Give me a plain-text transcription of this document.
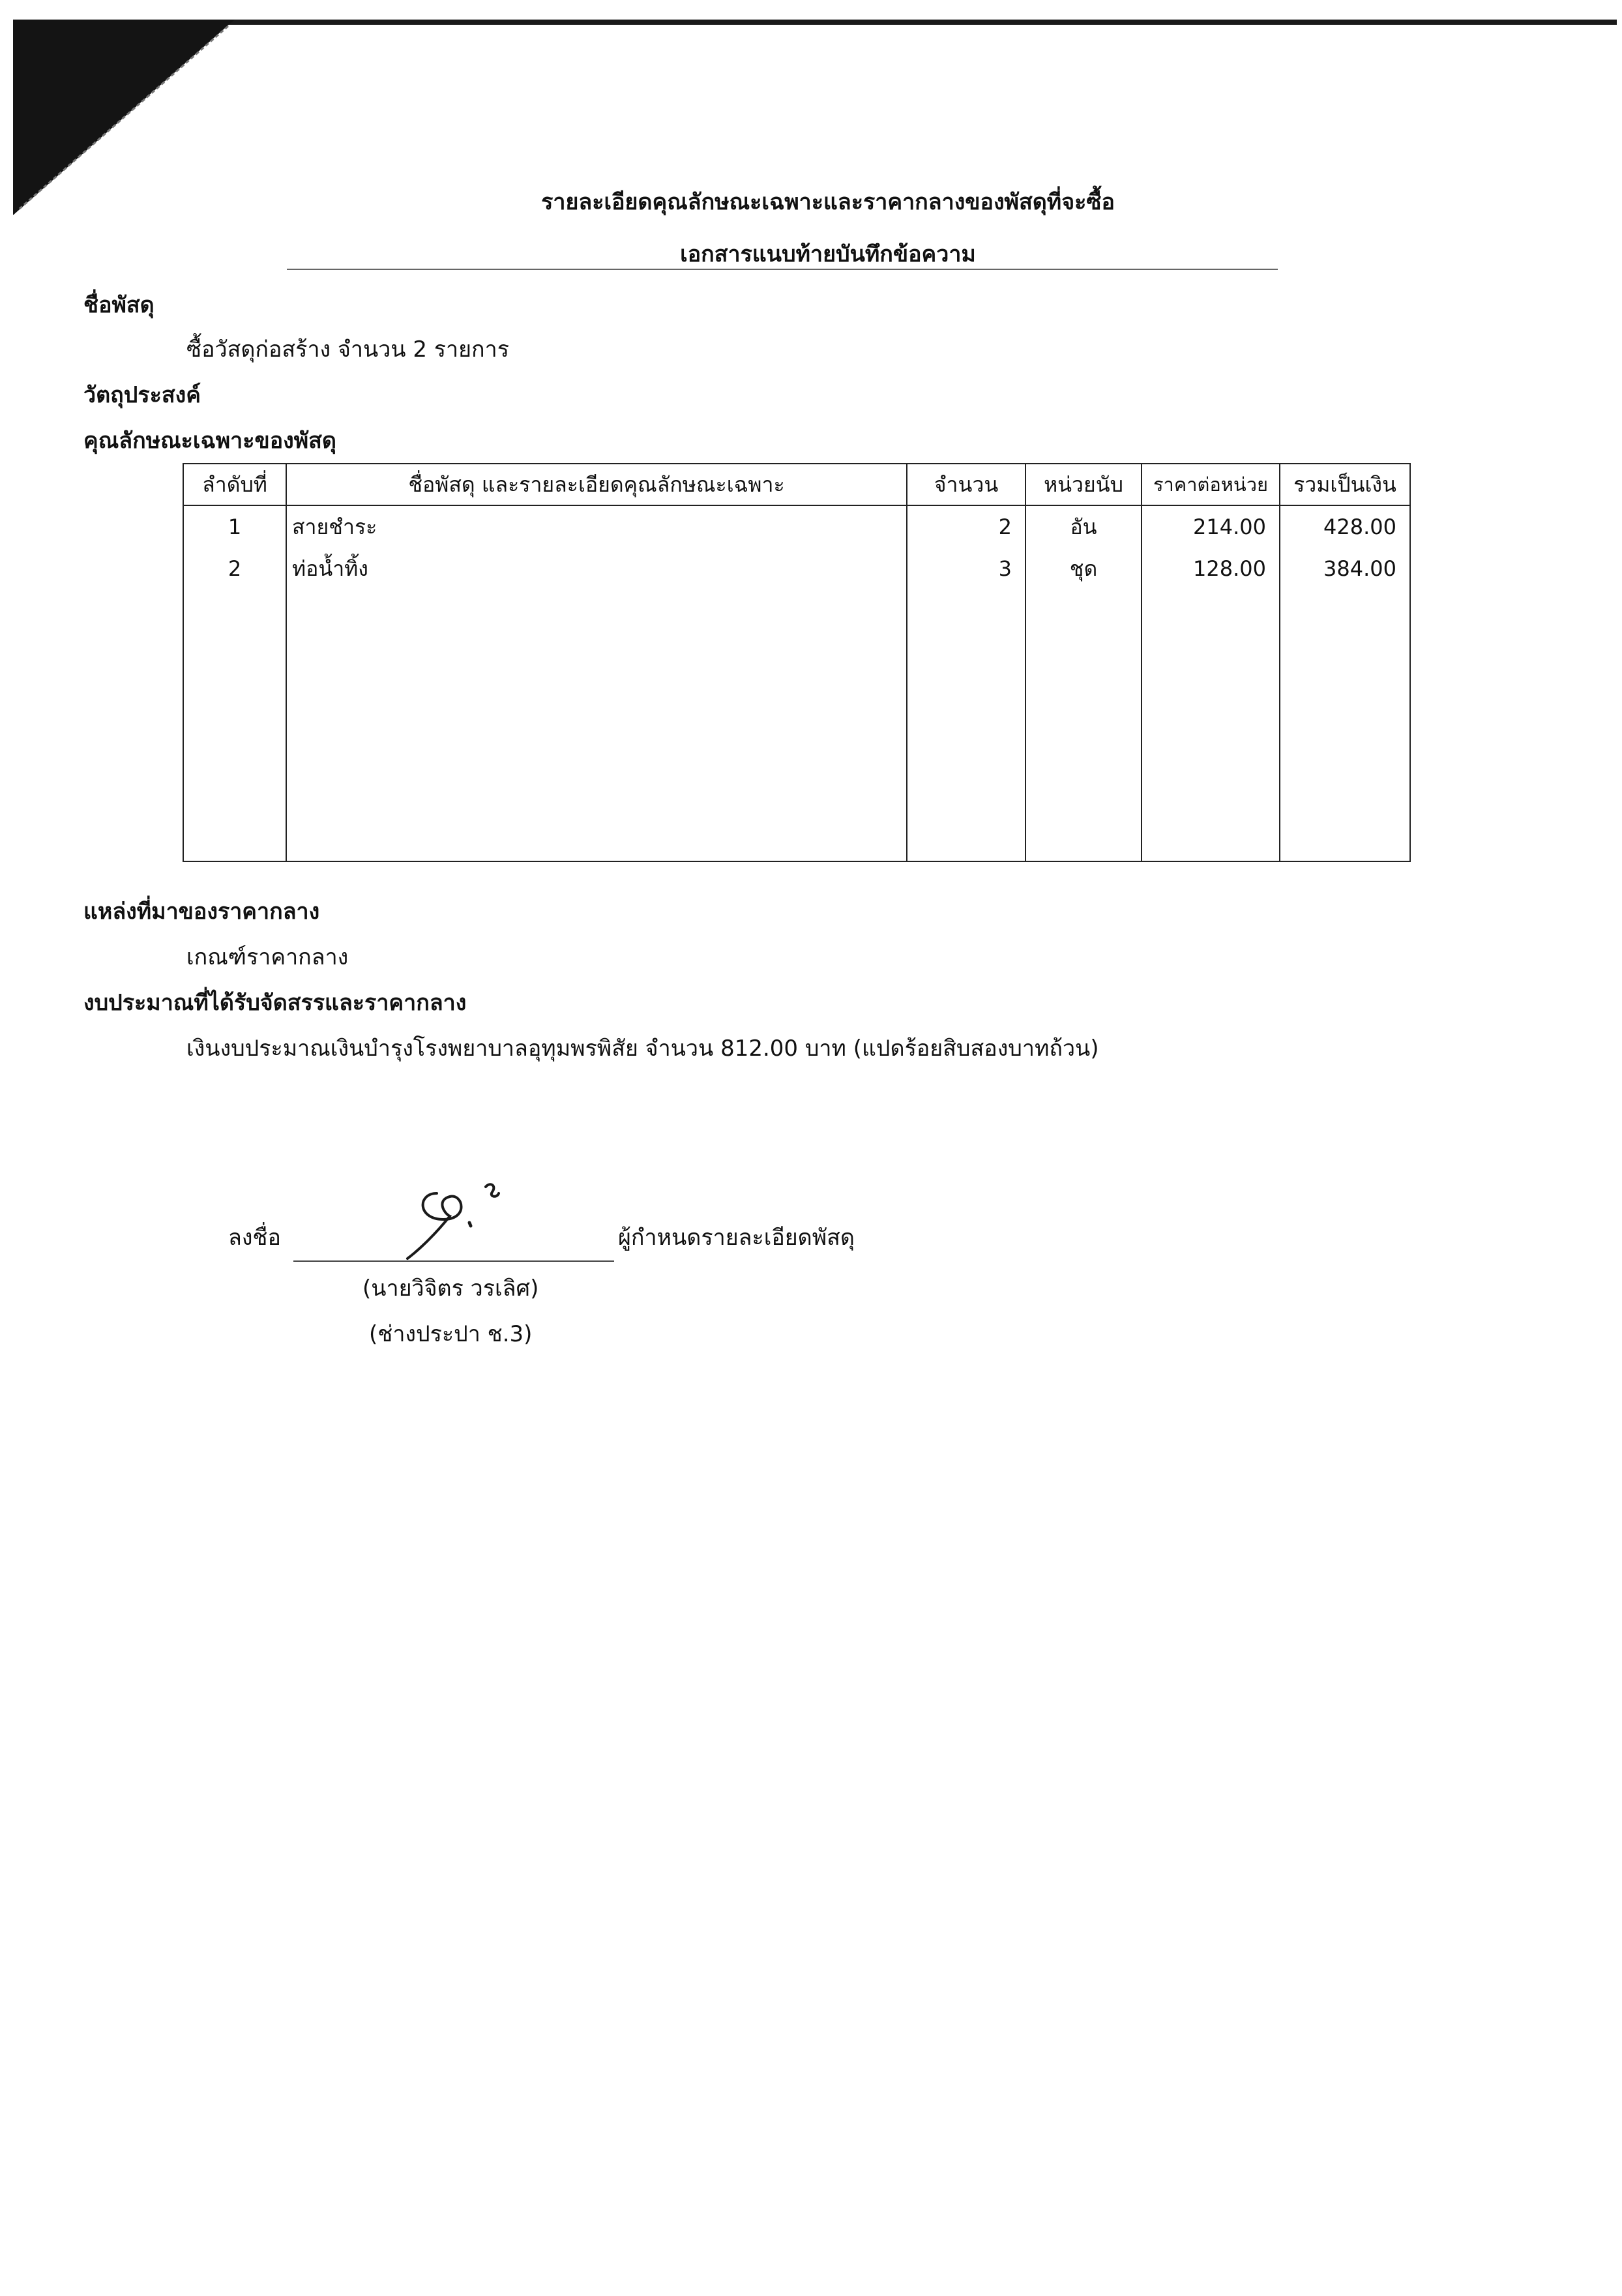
รายละเอียดคุณลักษณะเฉพาะและราคากลางของพัสดุที่จะซื้อ
เอกสารแนบท้ายบันทึกข้อความ
ชื่อพัสดุ
ซื้อวัสดุก่อสร้าง จำนวน 2 รายการ
วัตถุประสงค์
คุณลักษณะเฉพาะของพัสดุ
ลำดับที่	ชื่อพัสดุ และรายละเอียดคุณลักษณะเฉพาะ	จำนวน	หน่วยนับ	ราคาต่อหน่วย	รวมเป็นเงิน
1	สายชำระ	2	อัน	214.00	428.00
2	ท่อน้ำทิ้ง	3	ชุด	128.00	384.00

แหล่งที่มาของราคากลาง
เกณฑ์ราคากลาง
งบประมาณที่ได้รับจัดสรรและราคากลาง
เงินงบประมาณเงินบำรุงโรงพยาบาลอุทุมพรพิสัย จำนวน 812.00 บาท (แปดร้อยสิบสองบาทถ้วน)
ลงชื่อ	ผู้กำหนดรายละเอียดพัสดุ
(นายวิจิตร วรเลิศ)
(ช่างประปา ช.3)
